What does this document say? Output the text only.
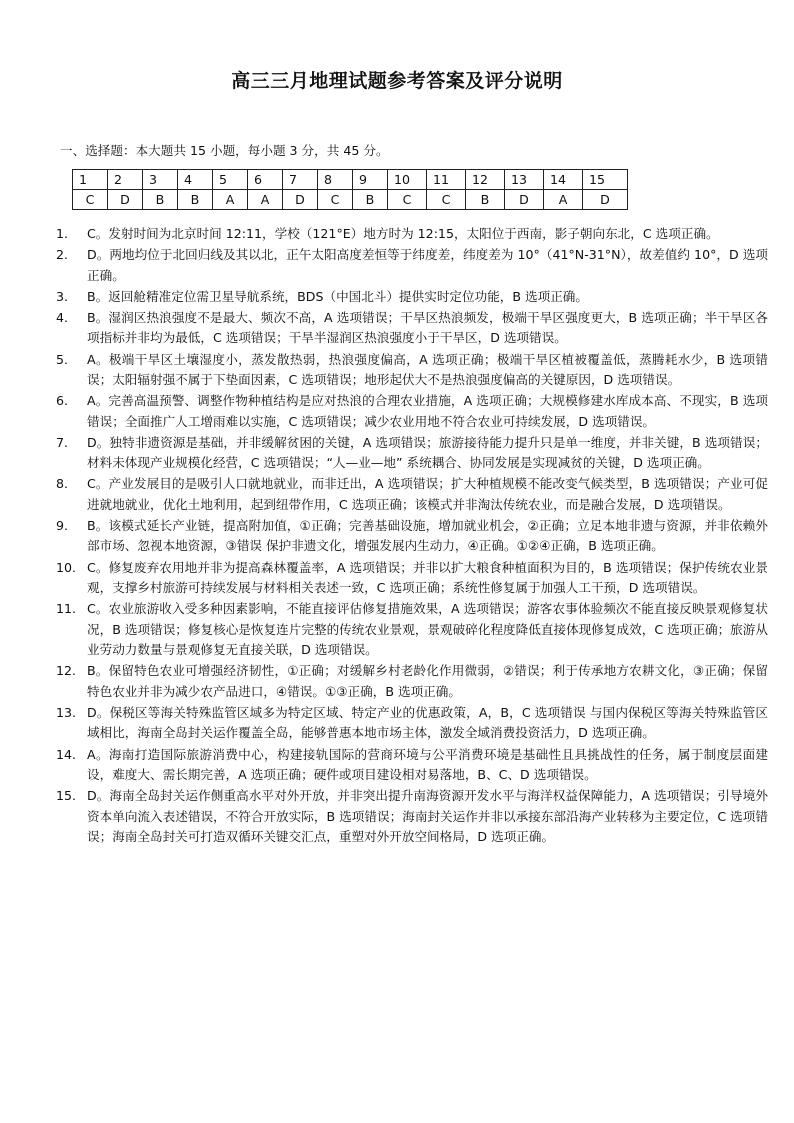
高三三月地理试题参考答案及评分说明
一、选择题：本大题共 15 小题，每小题 3 分，共 45 分。
1	2	3	4	5	6	7	8	9	10	11	12	13	14	15
C	D	B	B	A	A	D	C	B	C	C	B	D	A	D
1.	C。发射时间为北京时间 12:11，学校（121°E）地方时为 12:15，太阳位于西南，影子朝向东北，C 选项正确。
2.	D。两地均位于北回归线及其以北，正午太阳高度差恒等于纬度差，纬度差为 10°（41°N-31°N），故差值约 10°，D 选项正确。
3.	B。返回舱精准定位需卫星导航系统，BDS（中国北斗）提供实时定位功能，B 选项正确。
4.	B。湿润区热浪强度不是最大、频次不高，A 选项错误；干旱区热浪频发，极端干旱区强度更大，B 选项正确；半干旱区各项指标并非均为最低，C 选项错误；干旱半湿润区热浪强度小于干旱区，D 选项错误。
5.	A。极端干旱区土壤湿度小，蒸发散热弱，热浪强度偏高，A 选项正确；极端干旱区植被覆盖低，蒸腾耗水少，B 选项错误；太阳辐射强不属于下垫面因素，C 选项错误；地形起伏大不是热浪强度偏高的关键原因，D 选项错误。
6.	A。完善高温预警、调整作物种植结构是应对热浪的合理农业措施，A 选项正确；大规模修建水库成本高、不现实，B 选项错误；全面推广人工增雨难以实施，C 选项错误；减少农业用地不符合农业可持续发展，D 选项错误。
7.	D。独特非遗资源是基础，并非缓解贫困的关键，A 选项错误；旅游接待能力提升只是单一维度，并非关键，B 选项错误；材料未体现产业规模化经营，C 选项错误；“人—业—地” 系统耦合、协同发展是实现减贫的关键，D 选项正确。
8.	C。产业发展目的是吸引人口就地就业，而非迁出，A 选项错误；扩大种植规模不能改变气候类型，B 选项错误；产业可促进就地就业，优化土地利用，起到纽带作用，C 选项正确；该模式并非淘汰传统农业，而是融合发展，D 选项错误。
9.	B。该模式延长产业链，提高附加值，①正确；完善基础设施，增加就业机会，②正确；立足本地非遗与资源，并非依赖外部市场、忽视本地资源，③错误 保护非遗文化，增强发展内生动力，④正确。①②④正确，B 选项正确。
10. C。修复废弃农用地并非为提高森林覆盖率，A 选项错误；并非以扩大粮食种植面积为目的，B 选项错误；保护传统农业景观，支撑乡村旅游可持续发展与材料相关表述一致，C 选项正确；系统性修复属于加强人工干预，D 选项错误。
11. C。农业旅游收入受多种因素影响，不能直接评估修复措施效果，A 选项错误；游客农事体验频次不能直接反映景观修复状况，B 选项错误；修复核心是恢复连片完整的传统农业景观，景观破碎化程度降低直接体现修复成效，C 选项正确；旅游从业劳动力数量与景观修复无直接关联，D 选项错误。
12. B。保留特色农业可增强经济韧性，①正确；对缓解乡村老龄化作用微弱，②错误；利于传承地方农耕文化，③正确；保留特色农业并非为减少农产品进口，④错误。①③正确，B 选项正确。
13. D。保税区等海关特殊监管区域多为特定区域、特定产业的优惠政策，A，B，C 选项错误 与国内保税区等海关特殊监管区域相比，海南全岛封关运作覆盖全岛，能够普惠本地市场主体，激发全域消费投资活力，D 选项正确。
14. A。海南打造国际旅游消费中心，构建接轨国际的营商环境与公平消费环境是基础性且具挑战性的任务，属于制度层面建设，难度大、需长期完善，A 选项正确；硬件或项目建设相对易落地，B、C、D 选项错误。
15. D。海南全岛封关运作侧重高水平对外开放，并非突出提升南海资源开发水平与海洋权益保障能力，A 选项错误；引导境外资本单向流入表述错误，不符合开放实际，B 选项错误；海南封关运作并非以承接东部沿海产业转移为主要定位，C 选项错误；海南全岛封关可打造双循环关键交汇点，重塑对外开放空间格局，D 选项正确。
